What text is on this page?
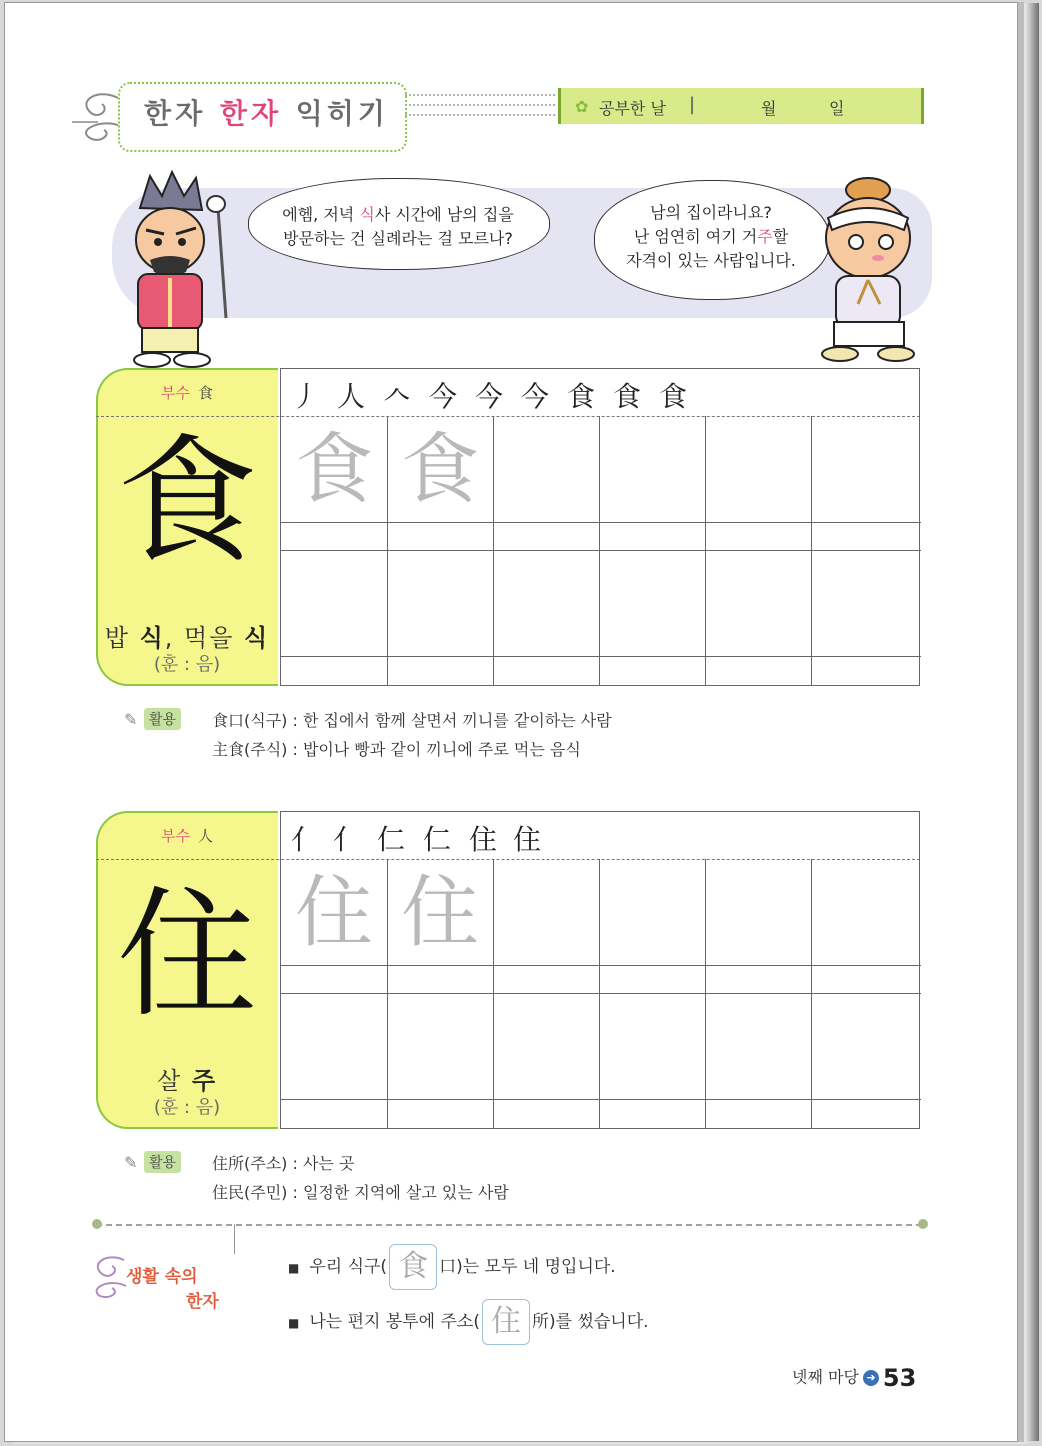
한자 한자 익히기	✿ 공부한 날 |	월	일
에헴, 저녁 식사 시간에 남의 집을
방문하는 건 실례라는 걸 모르나?
남의 집이라니요?
난 엄연히 여기 거주할
자격이 있는 사람입니다.
부수 食
食
밥 식, 먹을 식
(훈 : 음)
丿 人 𠆢 今 今 今 食 食 食
食 食
✎ 활용	食口(식구) : 한 집에서 함께 살면서 끼니를 같이하는 사람
主食(주식) : 밥이나 빵과 같이 끼니에 주로 먹는 음식
부수 人
住
살 주
(훈 : 음)
亻 亻 仁 仁 住 住
住 住
✎ 활용	住所(주소) : 사는 곳
住民(주민) : 일정한 지역에 살고 있는 사람
생활 속의
한자
■ 우리 식구( 食 口)는 모두 네 명입니다.
■ 나는 편지 봉투에 주소( 住 所)를 썼습니다.
넷째 마당 ➜ 53
